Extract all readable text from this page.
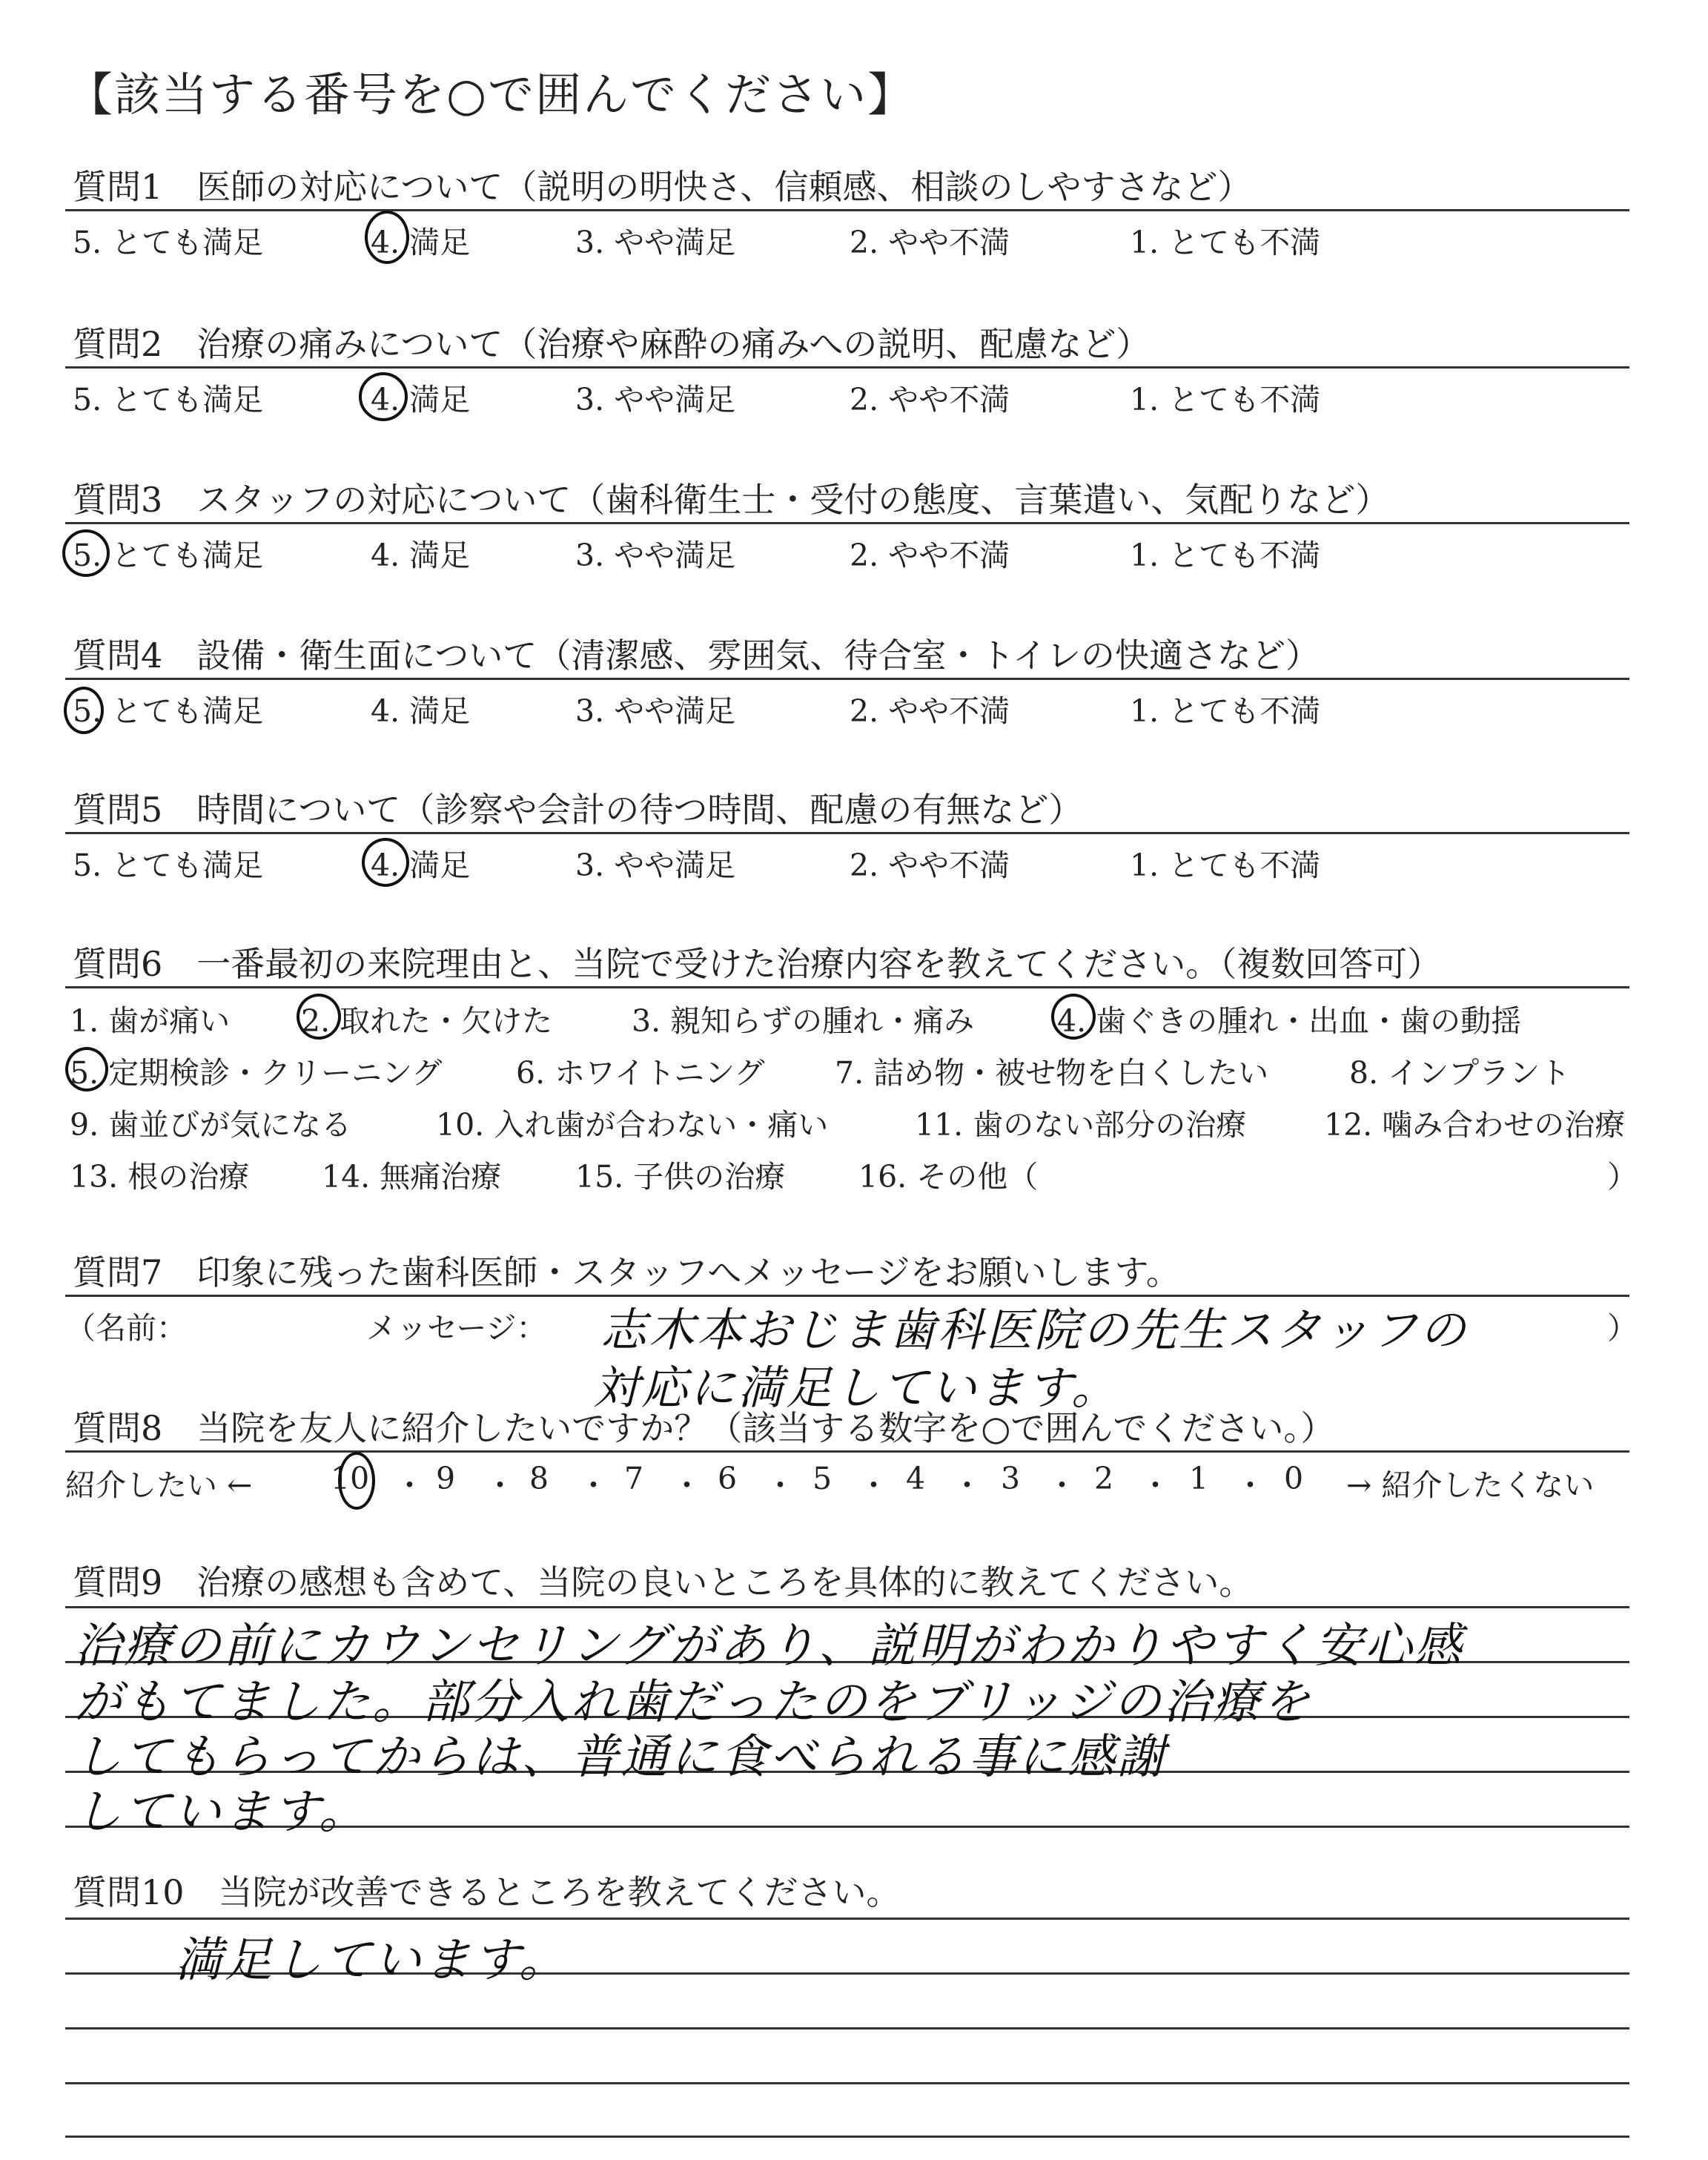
【該当する番号を○で囲んでください】
質問1　医師の対応について（説明の明快さ、信頼感、相談のしやすさなど）
5. とても満足	4. 満足	3. やや満足	2. やや不満	1. とても不満
質問2　治療の痛みについて（治療や麻酔の痛みへの説明、配慮など）
5. とても満足	4. 満足	3. やや満足	2. やや不満	1. とても不満
質問3　スタッフの対応について（歯科衛生士・受付の態度、言葉遣い、気配りなど）
5. とても満足	4. 満足	3. やや満足	2. やや不満	1. とても不満
質問4　設備・衛生面について（清潔感、雰囲気、待合室・トイレの快適さなど）
5. とても満足	4. 満足	3. やや満足	2. やや不満	1. とても不満
質問5　時間について（診察や会計の待つ時間、配慮の有無など）
5. とても満足	4. 満足	3. やや満足	2. やや不満	1. とても不満
質問6　一番最初の来院理由と、当院で受けた治療内容を教えてください。（複数回答可）
1. 歯が痛い 2. 取れた・欠けた	3. 親知らずの腫れ・痛み	4. 歯ぐきの腫れ・出血・歯の動揺
5. 定期検診・クリーニング 6. ホワイトニング 7. 詰め物・被せ物を白くしたい	8. インプラント
9. 歯並びが気になる	10. 入れ歯が合わない・痛い	11. 歯のない部分の治療	12. 噛み合わせの治療
13. 根の治療 14. 無痛治療 15. 子供の治療 16. その他（	）
質問7　印象に残った歯科医師・スタッフへメッセージをお願いします。
（名前：	メッセージ：	）
志木本おじま歯科医院の先生スタッフの
対応に満足しています。
質問8　当院を友人に紹介したいですか？（該当する数字を○で囲んでください。）
紹介したい ←	10 ・ 9 ・ 8 ・ 7 ・ 6 ・ 5 ・ 4 ・ 3 ・ 2 ・ 1 ・ 0 → 紹介したくない
質問9　治療の感想も含めて、当院の良いところを具体的に教えてください。
治療の前にカウンセリングがあり、説明がわかりやすく安心感
がもてました。部分入れ歯だったのをブリッジの治療を
してもらってからは、普通に食べられる事に感謝
しています。
質問10　当院が改善できるところを教えてください。
満足しています。
